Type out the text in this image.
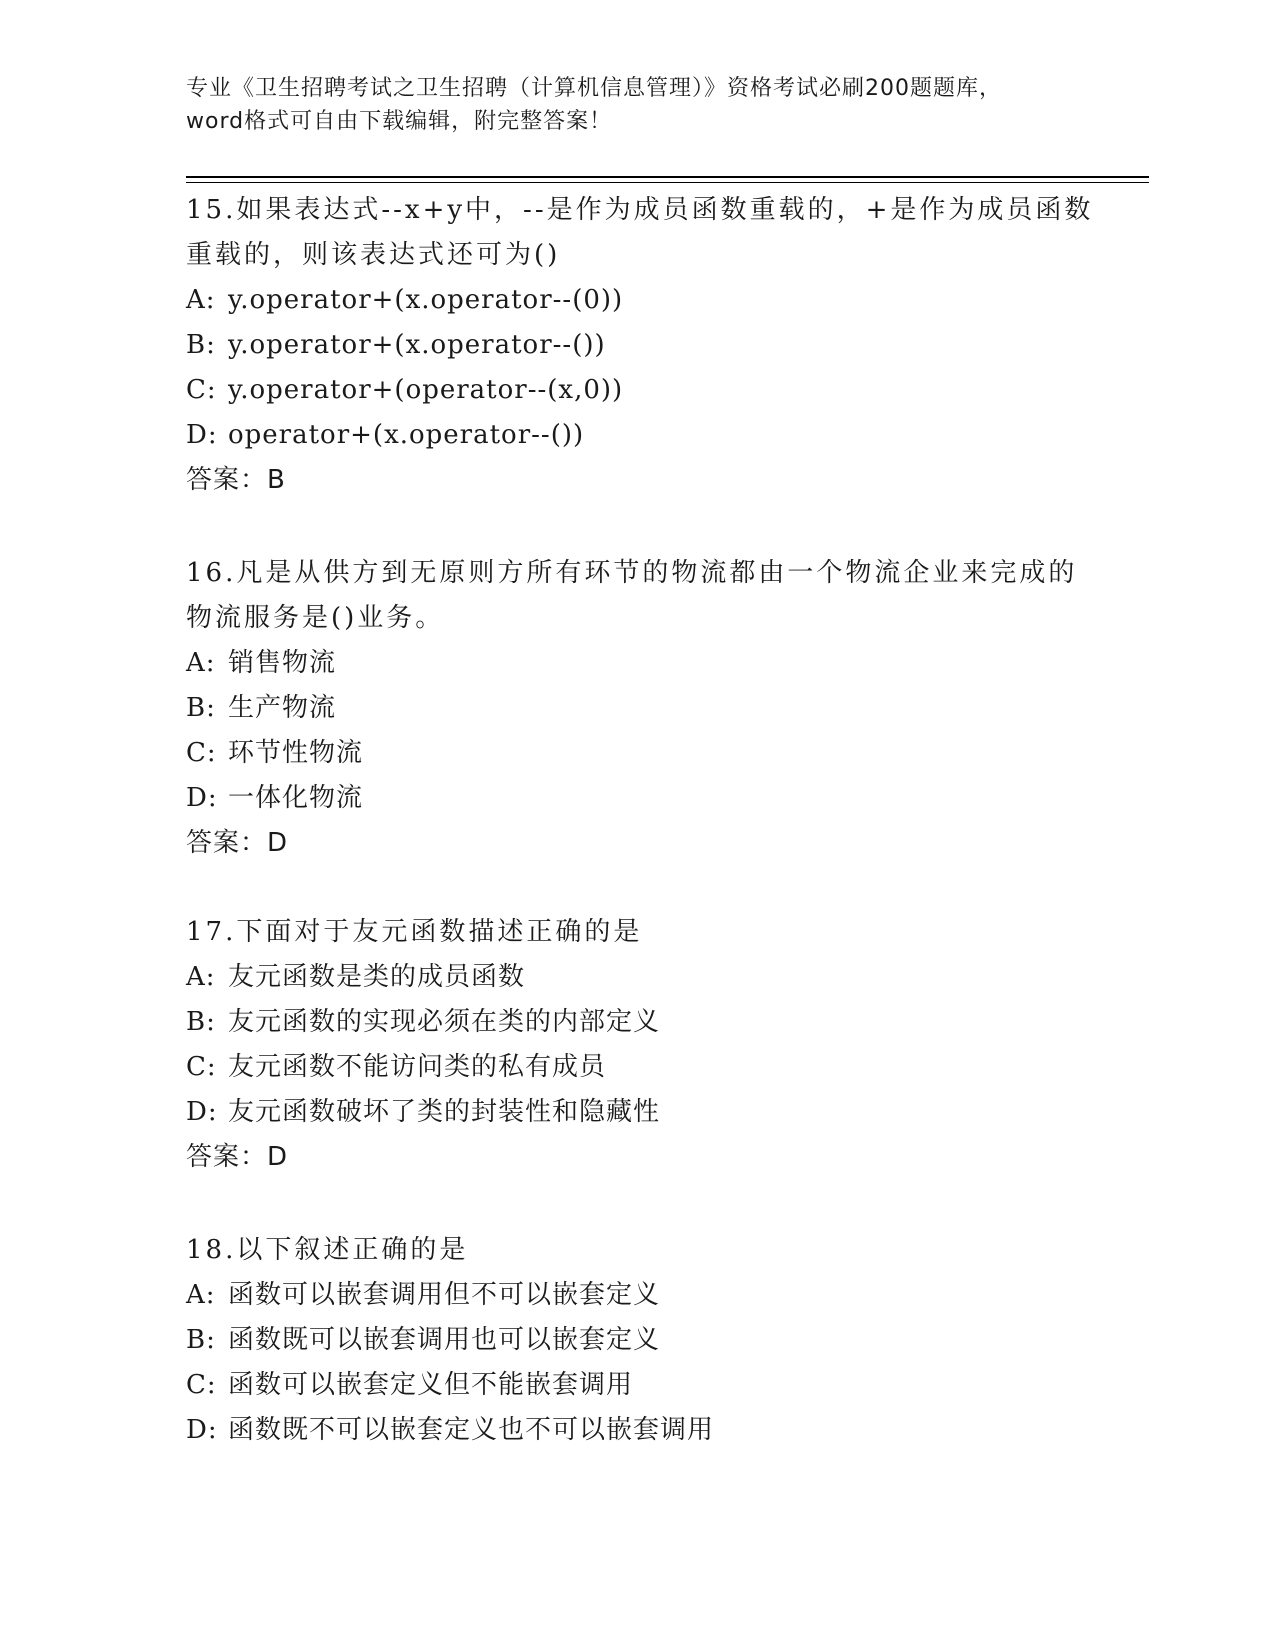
专业《卫生招聘考试之卫生招聘（计算机信息管理）》资格考试必刷200题题库，

word格式可自由下载编辑，附完整答案！

15.如果表达式--x+y中，--是作为成员函数重载的，+是作为成员函数
重载的，则该表达式还可为()

A: y.operator+(x.operator--(0))

B: y.operator+(x.operator--())

C: y.operator+(operator--(x,0))

D: operator+(x.operator--())

答案：B

16.凡是从供方到无原则方所有环节的物流都由一个物流企业来完成的
物流服务是()业务。

A: 销售物流

B: 生产物流

C: 环节性物流

D: 一体化物流

答案：D

17.下面对于友元函数描述正确的是

A: 友元函数是类的成员函数

B: 友元函数的实现必须在类的内部定义

C: 友元函数不能访问类的私有成员

D: 友元函数破坏了类的封装性和隐藏性

答案：D

18.以下叙述正确的是

A: 函数可以嵌套调用但不可以嵌套定义

B: 函数既可以嵌套调用也可以嵌套定义

C: 函数可以嵌套定义但不能嵌套调用

D: 函数既不可以嵌套定义也不可以嵌套调用
